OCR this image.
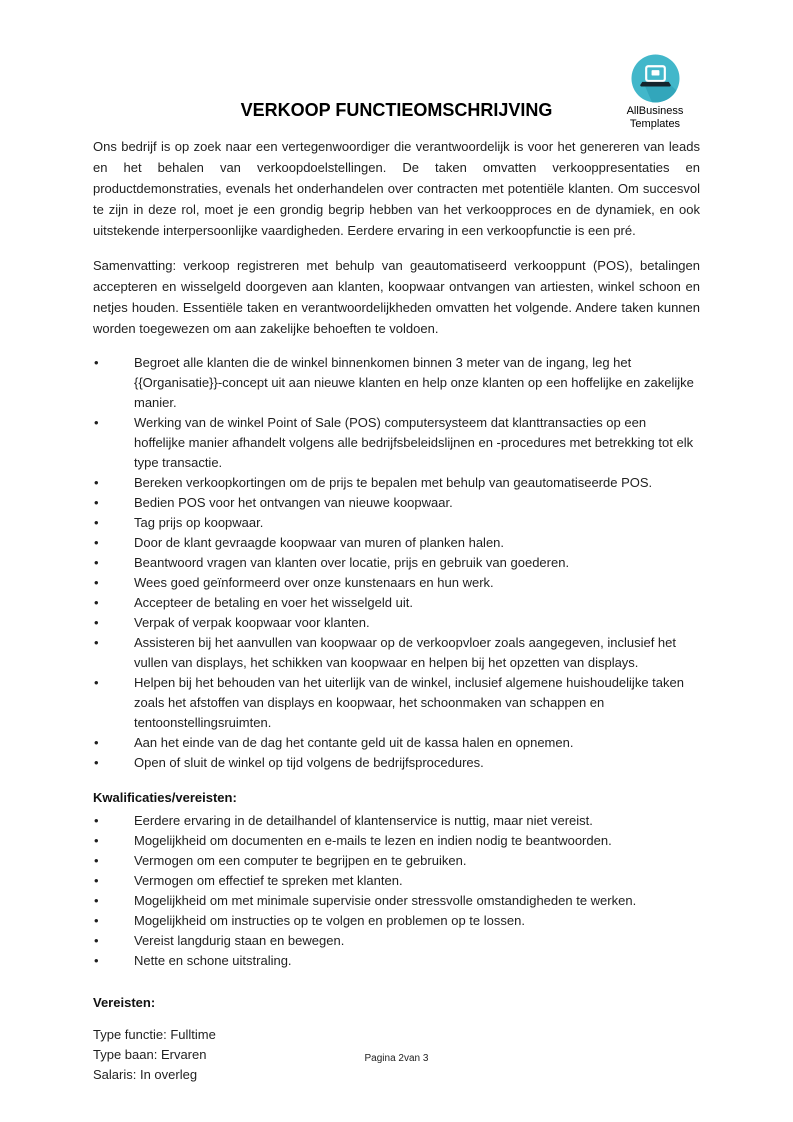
AllBusiness
Templates
VERKOOP FUNCTIEOMSCHRIJVING

Ons bedrijf is op zoek naar een vertegenwoordiger die verantwoordelijk is voor het genereren van leads en het behalen van verkoopdoelstellingen. De taken omvatten verkooppresentaties en productdemonstraties, evenals het onderhandelen over contracten met potentiële klanten. Om succesvol te zijn in deze rol, moet je een grondig begrip hebben van het verkoopproces en de dynamiek, en ook uitstekende interpersoonlijke vaardigheden. Eerdere ervaring in een verkoopfunctie is een pré.

Samenvatting: verkoop registreren met behulp van geautomatiseerd verkooppunt (POS), betalingen accepteren en wisselgeld doorgeven aan klanten, koopwaar ontvangen van artiesten, winkel schoon en netjes houden. Essentiële taken en verantwoordelijkheden omvatten het volgende. Andere taken kunnen worden toegewezen om aan zakelijke behoeften te voldoen.

•	Begroet alle klanten die de winkel binnenkomen binnen 3 meter van de ingang, leg het {{Organisatie}}-concept uit aan nieuwe klanten en help onze klanten op een hoffelijke en zakelijke manier.
•	Werking van de winkel Point of Sale (POS) computersysteem dat klanttransacties op een hoffelijke manier afhandelt volgens alle bedrijfsbeleidslijnen en -procedures met betrekking tot elk type transactie.
•	Bereken verkoopkortingen om de prijs te bepalen met behulp van geautomatiseerde POS.
•	Bedien POS voor het ontvangen van nieuwe koopwaar.
•	Tag prijs op koopwaar.
•	Door de klant gevraagde koopwaar van muren of planken halen.
•	Beantwoord vragen van klanten over locatie, prijs en gebruik van goederen.
•	Wees goed geïnformeerd over onze kunstenaars en hun werk.
•	Accepteer de betaling en voer het wisselgeld uit.
•	Verpak of verpak koopwaar voor klanten.
•	Assisteren bij het aanvullen van koopwaar op de verkoopvloer zoals aangegeven, inclusief het vullen van displays, het schikken van koopwaar en helpen bij het opzetten van displays.
•	Helpen bij het behouden van het uiterlijk van de winkel, inclusief algemene huishoudelijke taken zoals het afstoffen van displays en koopwaar, het schoonmaken van schappen en tentoonstellingsruimten.
•	Aan het einde van de dag het contante geld uit de kassa halen en opnemen.
•	Open of sluit de winkel op tijd volgens de bedrijfsprocedures.
Kwalificaties/vereisten:
•	Eerdere ervaring in de detailhandel of klantenservice is nuttig, maar niet vereist.
•	Mogelijkheid om documenten en e-mails te lezen en indien nodig te beantwoorden.
•	Vermogen om een computer te begrijpen en te gebruiken.
•	Vermogen om effectief te spreken met klanten.
•	Mogelijkheid om met minimale supervisie onder stressvolle omstandigheden te werken.
•	Mogelijkheid om instructies op te volgen en problemen op te lossen.
•	Vereist langdurig staan en bewegen.
•	Nette en schone uitstraling.
Vereisten:
Type functie: Fulltime
Type baan: Ervaren
Salaris: In overleg
Pagina 2van 3
